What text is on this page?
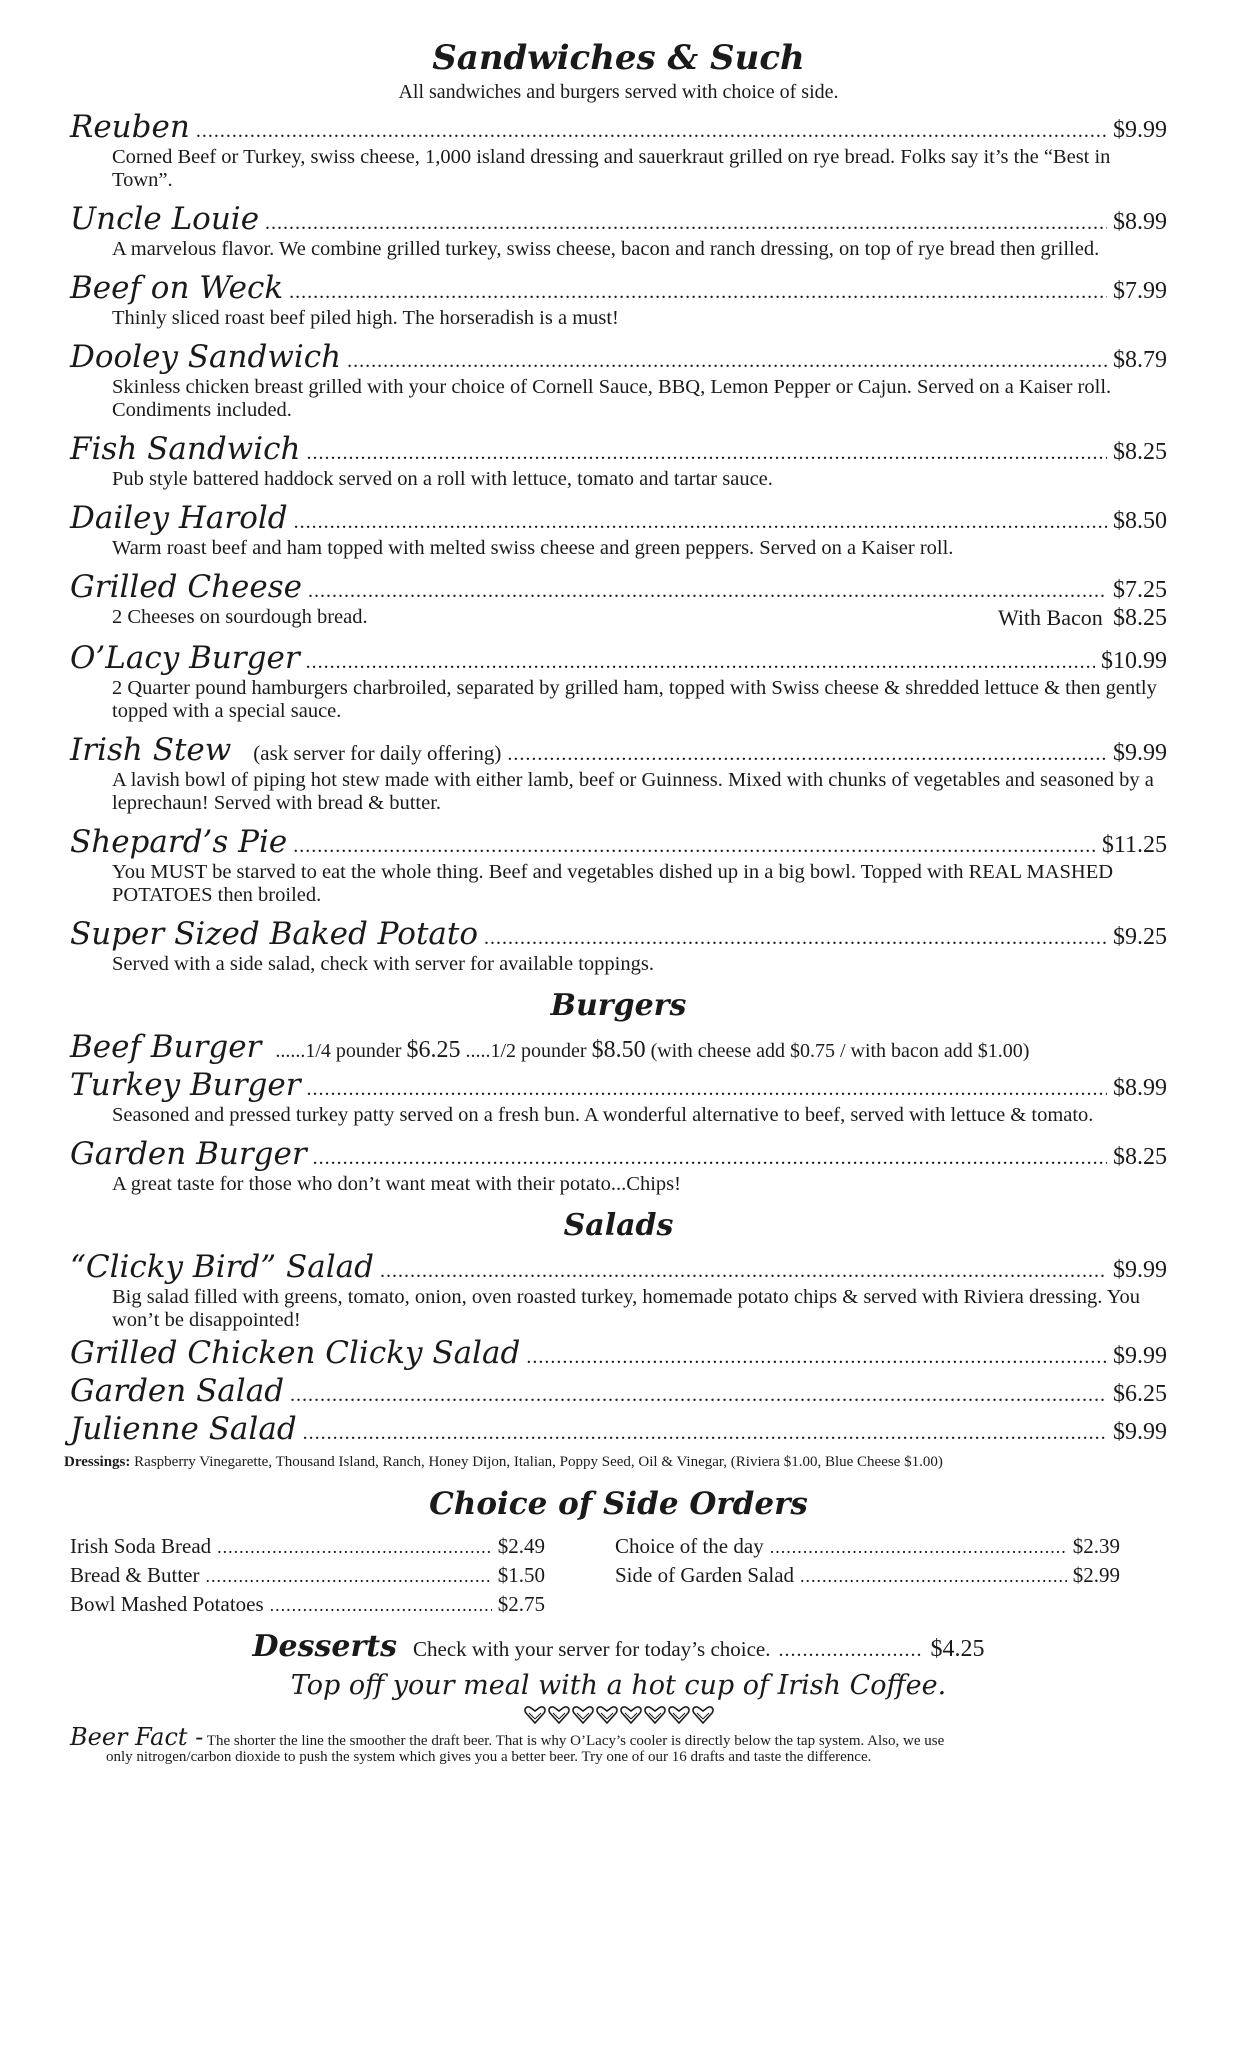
Sandwiches & Such

All sandwiches and burgers served with choice of side.

Reuben .....	$9.99
Corned Beef or Turkey, swiss cheese, 1,000 island dressing and sauerkraut grilled on rye bread. Folks say it’s the “Best in Town”.
Uncle Louie .....	$8.99
A marvelous flavor. We combine grilled turkey, swiss cheese, bacon and ranch dressing, on top of rye bread then grilled.
Beef on Weck .....	$7.99
Thinly sliced roast beef piled high. The horseradish is a must!
Dooley Sandwich .....	$8.79
Skinless chicken breast grilled with your choice of Cornell Sauce, BBQ, Lemon Pepper or Cajun. Served on a Kaiser roll. Condiments included.
Fish Sandwich .....	$8.25
Pub style battered haddock served on a roll with lettuce, tomato and tartar sauce.
Dailey Harold .....	$8.50
Warm roast beef and ham topped with melted swiss cheese and green peppers. Served on a Kaiser roll.
Grilled Cheese .....	$7.25
2 Cheeses on sourdough bread.	With Bacon $8.25
O’Lacy Burger .....	$10.99
2 Quarter pound hamburgers charbroiled, separated by grilled ham, topped with Swiss cheese & shredded lettuce & then gently topped with a special sauce.
Irish Stew (ask server for daily offering) .....	$9.99
A lavish bowl of piping hot stew made with either lamb, beef or Guinness. Mixed with chunks of vegetables and seasoned by a leprechaun! Served with bread & butter.
Shepard’s Pie .....	$11.25
You MUST be starved to eat the whole thing. Beef and vegetables dished up in a big bowl. Topped with REAL MASHED POTATOES then broiled.
Super Sized Baked Potato .....	$9.25
Served with a side salad, check with server for available toppings.
Burgers
Beef Burger ......1/4 pounder $6.25 .....1/2 pounder $8.50 (with cheese add $0.75 / with bacon add $1.00)
Turkey Burger .....	$8.99
Seasoned and pressed turkey patty served on a fresh bun. A wonderful alternative to beef, served with lettuce & tomato.
Garden Burger .....	$8.25
A great taste for those who don’t want meat with their potato...Chips!
Salads
“Clicky Bird” Salad .....	$9.99
Big salad filled with greens, tomato, onion, oven roasted turkey, homemade potato chips & served with Riviera dressing. You won’t be disappointed!
Grilled Chicken Clicky Salad .....	$9.99
Garden Salad .....	$6.25
Julienne Salad .....	$9.99
Dressings: Raspberry Vinegarette, Thousand Island, Ranch, Honey Dijon, Italian, Poppy Seed, Oil & Vinegar, (Riviera $1.00, Blue Cheese $1.00)
Choice of Side Orders
Irish Soda Bread .....	$2.49
Bread & Butter .....	$1.50
Bowl Mashed Potatoes .....	$2.75
Choice of the day .....	$2.39
Side of Garden Salad .....	$2.99
Desserts Check with your server for today’s choice. ........................ $4.25
Top off your meal with a hot cup of Irish Coffee.
Beer Fact - The shorter the line the smoother the draft beer. That is why O’Lacy’s cooler is directly below the tap system. Also, we use
only nitrogen/carbon dioxide to push the system which gives you a better beer. Try one of our 16 drafts and taste the difference.
